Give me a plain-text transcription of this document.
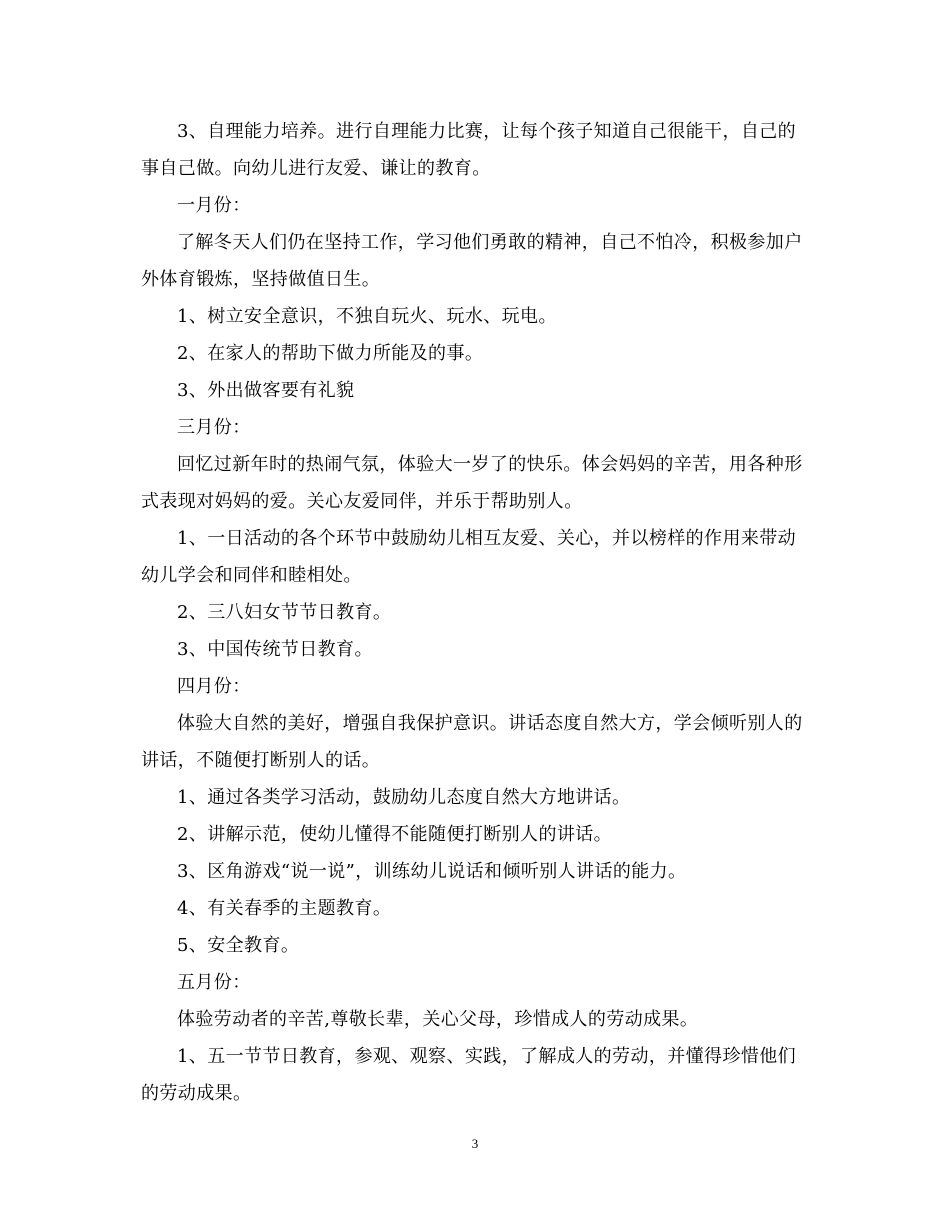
3、自理能力培养。进行自理能力比赛，让每个孩子知道自己很能干，自己的事自己做。向幼儿进行友爱、谦让的教育。

一月份：

了解冬天人们仍在坚持工作，学习他们勇敢的精神，自己不怕冷，积极参加户外体育锻炼，坚持做值日生。

1、树立安全意识，不独自玩火、玩水、玩电。

2、在家人的帮助下做力所能及的事。

3、外出做客要有礼貌

三月份：

回忆过新年时的热闹气氛，体验大一岁了的快乐。体会妈妈的辛苦，用各种形式表现对妈妈的爱。关心友爱同伴，并乐于帮助别人。

1、一日活动的各个环节中鼓励幼儿相互友爱、关心，并以榜样的作用来带动幼儿学会和同伴和睦相处。

2、三八妇女节节日教育。

3、中国传统节日教育。

四月份：

体验大自然的美好，增强自我保护意识。讲话态度自然大方，学会倾听别人的讲话，不随便打断别人的话。

1、通过各类学习活动，鼓励幼儿态度自然大方地讲话。

2、讲解示范，使幼儿懂得不能随便打断别人的讲话。

3、区角游戏“说一说”，训练幼儿说话和倾听别人讲话的能力。

4、有关春季的主题教育。

5、安全教育。

五月份：

体验劳动者的辛苦,尊敬长辈，关心父母，珍惜成人的劳动成果。

1、五一节节日教育，参观、观察、实践，了解成人的劳动，并懂得珍惜他们的劳动成果。

3
